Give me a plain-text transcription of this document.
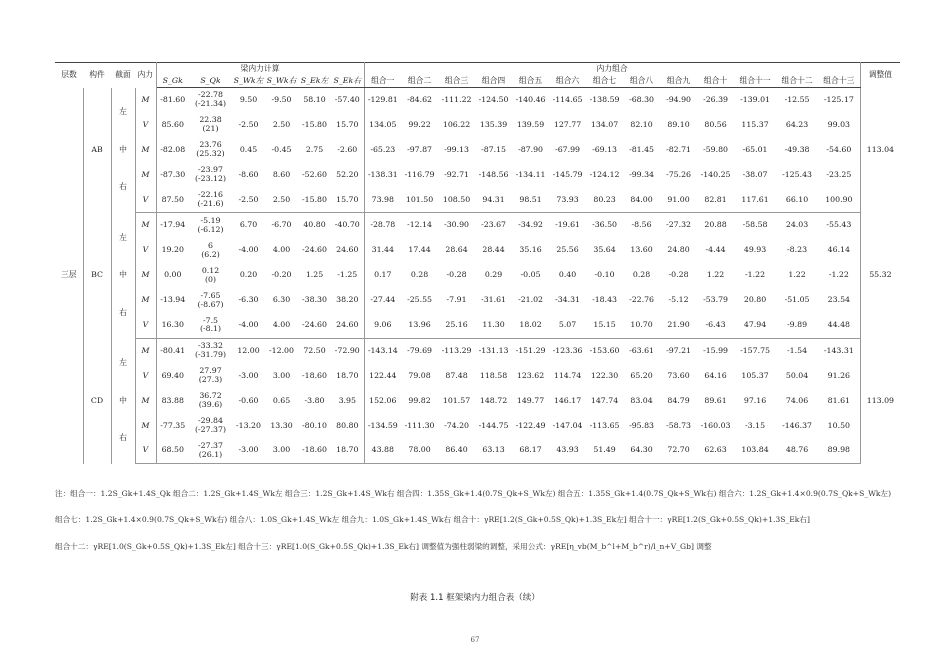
层数	构件	截面	内力	梁内力计算						内力组合													调整值
				S_Gk	S_Qk	S_Wk左	S_Wk右	S_Ek左	S_Ek右	组合一	组合二	组合三	组合四	组合五	组合六	组合七	组合八	组合九	组合十	组合十一	组合十二	组合十三	
三层	AB	左	M	-81.60	-22.78
(-21.34)	9.50	-9.50	58.10	-57.40	-129.81	-84.62	-111.22	-124.50	-140.46	-114.65	-138.59	-68.30	-94.90	-26.39	-139.01	-12.55	-125.17	113.04
			V	85.60	22.38
(21)	-2.50	2.50	-15.80	15.70	134.05	99.22	106.22	135.39	139.59	127.77	134.07	82.10	89.10	80.56	115.37	64.23	99.03	
		中	M	-82.08	23.76
(25.32)	0.45	-0.45	2.75	-2.60	-65.23	-97.87	-99.13	-87.15	-87.90	-67.99	-69.13	-81.45	-82.71	-59.80	-65.01	-49.38	-54.60	
		右	M	-87.30	-23.97
(-23.12)	-8.60	8.60	-52.60	52.20	-138.31	-116.79	-92.71	-148.56	-134.11	-145.79	-124.12	-99.34	-75.26	-140.25	-38.07	-125.43	-23.25	
			V	87.50	-22.16
(-21.6)	-2.50	2.50	-15.80	15.70	73.98	101.50	108.50	94.31	98.51	73.93	80.23	84.00	91.00	82.81	117.61	66.10	100.90	
	BC	左	M	-17.94	-5.19
(-6.12)	6.70	-6.70	40.80	-40.70	-28.78	-12.14	-30.90	-23.67	-34.92	-19.61	-36.50	-8.56	-27.32	20.88	-58.58	24.03	-55.43	55.32
			V	19.20	6
(6.2)	-4.00	4.00	-24.60	24.60	31.44	17.44	28.64	28.44	35.16	25.56	35.64	13.60	24.80	-4.44	49.93	-8.23	46.14	
		中	M	0.00	0.12
(0)	0.20	-0.20	1.25	-1.25	0.17	0.28	-0.28	0.29	-0.05	0.40	-0.10	0.28	-0.28	1.22	-1.22	1.22	-1.22	
		右	M	-13.94	-7.65
(-8.67)	-6.30	6.30	-38.30	38.20	-27.44	-25.55	-7.91	-31.61	-21.02	-34.31	-18.43	-22.76	-5.12	-53.79	20.80	-51.05	23.54	
			V	16.30	-7.5
(-8.1)	-4.00	4.00	-24.60	24.60	9.06	13.96	25.16	11.30	18.02	5.07	15.15	10.70	21.90	-6.43	47.94	-9.89	44.48	
	CD	左	M	-80.41	-33.32
(-31.79)	12.00	-12.00	72.50	-72.90	-143.14	-79.69	-113.29	-131.13	-151.29	-123.36	-153.60	-63.61	-97.21	-15.99	-157.75	-1.54	-143.31	113.09
			V	69.40	27.97
(27.3)	-3.00	3.00	-18.60	18.70	122.44	79.08	87.48	118.58	123.62	114.74	122.30	65.20	73.60	64.16	105.37	50.04	91.26	
		中	M	83.88	36.72
(39.6)	-0.60	0.65	-3.80	3.95	152.06	99.82	101.57	148.72	149.77	146.17	147.74	83.04	84.79	89.61	97.16	74.06	81.61	
		右	M	-77.35	-29.84
(-27.37)	-13.20	13.30	-80.10	80.80	-134.59	-111.30	-74.20	-144.75	-122.49	-147.04	-113.65	-95.83	-58.73	-160.03	-3.15	-146.37	10.50	
			V	68.50	-27.37
(26.1)	-3.00	3.00	-18.60	18.70	43.88	78.00	86.40	63.13	68.17	43.93	51.49	64.30	72.70	62.63	103.84	48.76	89.98	
注：组合一：1.2S_Gk+1.4S_Qk 组合二：1.2S_Gk+1.4S_Wk左 组合三：1.2S_Gk+1.4S_Wk右 组合四：1.35S_Gk+1.4(0.7S_Qk+S_Wk左) 组合五：1.35S_Gk+1.4(0.7S_Qk+S_Wk右) 组合六：1.2S_Gk+1.4×0.9(0.7S_Qk+S_Wk左)
组合七：1.2S_Gk+1.4×0.9(0.7S_Qk+S_Wk右) 组合八：1.0S_Gk+1.4S_Wk左 组合九：1.0S_Gk+1.4S_Wk右 组合十：γRE[1.2(S_Gk+0.5S_Qk)+1.3S_Ek左] 组合十一：γRE[1.2(S_Gk+0.5S_Qk)+1.3S_Ek右]
组合十二：γRE[1.0(S_Gk+0.5S_Qk)+1.3S_Ek左] 组合十三：γRE[1.0(S_Gk+0.5S_Qk)+1.3S_Ek右] 调整值为强柱弱梁的调整，采用公式：γRE[η_vb(M_b^l+M_b^r)/l_n+V_Gb] 调整
附表 1.1 框架梁内力组合表（续）
67
